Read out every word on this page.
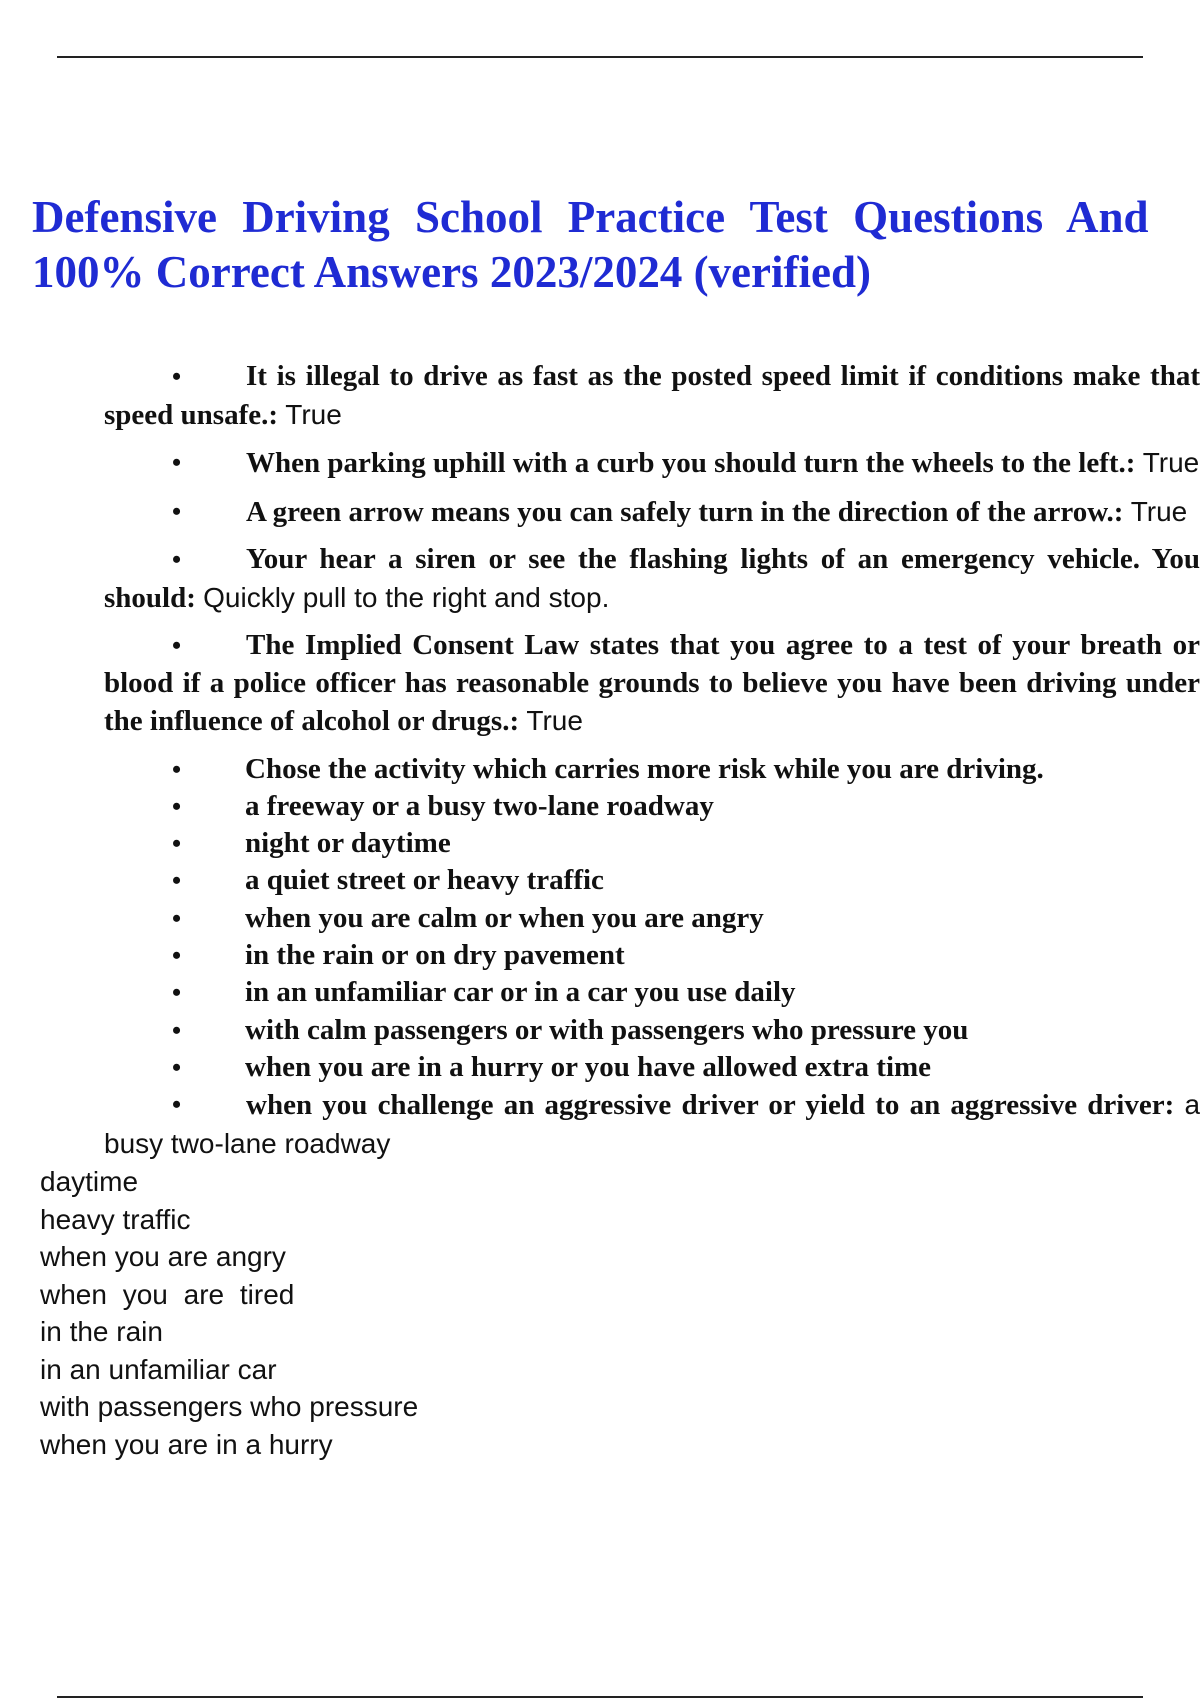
Defensive Driving School Practice Test Questions And
100% Correct Answers 2023/2024 (verified)
• It is illegal to drive as fast as the posted speed limit if conditions make that speed unsafe.: True
• When parking uphill with a curb you should turn the wheels to the left.: True
• A green arrow means you can safely turn in the direction of the arrow.: True
• Your hear a siren or see the flashing lights of an emergency vehicle. You should: Quickly pull to the right and stop.
• The Implied Consent Law states that you agree to a test of your breath or blood if a police officer has reasonable grounds to believe you have been driving under the influence of alcohol or drugs.: True
• Chose the activity which carries more risk while you are driving.
• a freeway or a busy two-lane roadway
• night or daytime
• a quiet street or heavy traffic
• when you are calm or when you are angry
• in the rain or on dry pavement
• in an unfamiliar car or in a car you use daily
• with calm passengers or with passengers who pressure you
• when you are in a hurry or you have allowed extra time
• when you challenge an aggressive driver or yield to an aggressive driver: a busy two-lane roadway
daytime
heavy traffic
when you are angry
when you are tired
in the rain
in an unfamiliar car
with passengers who pressure
when you are in a hurry
